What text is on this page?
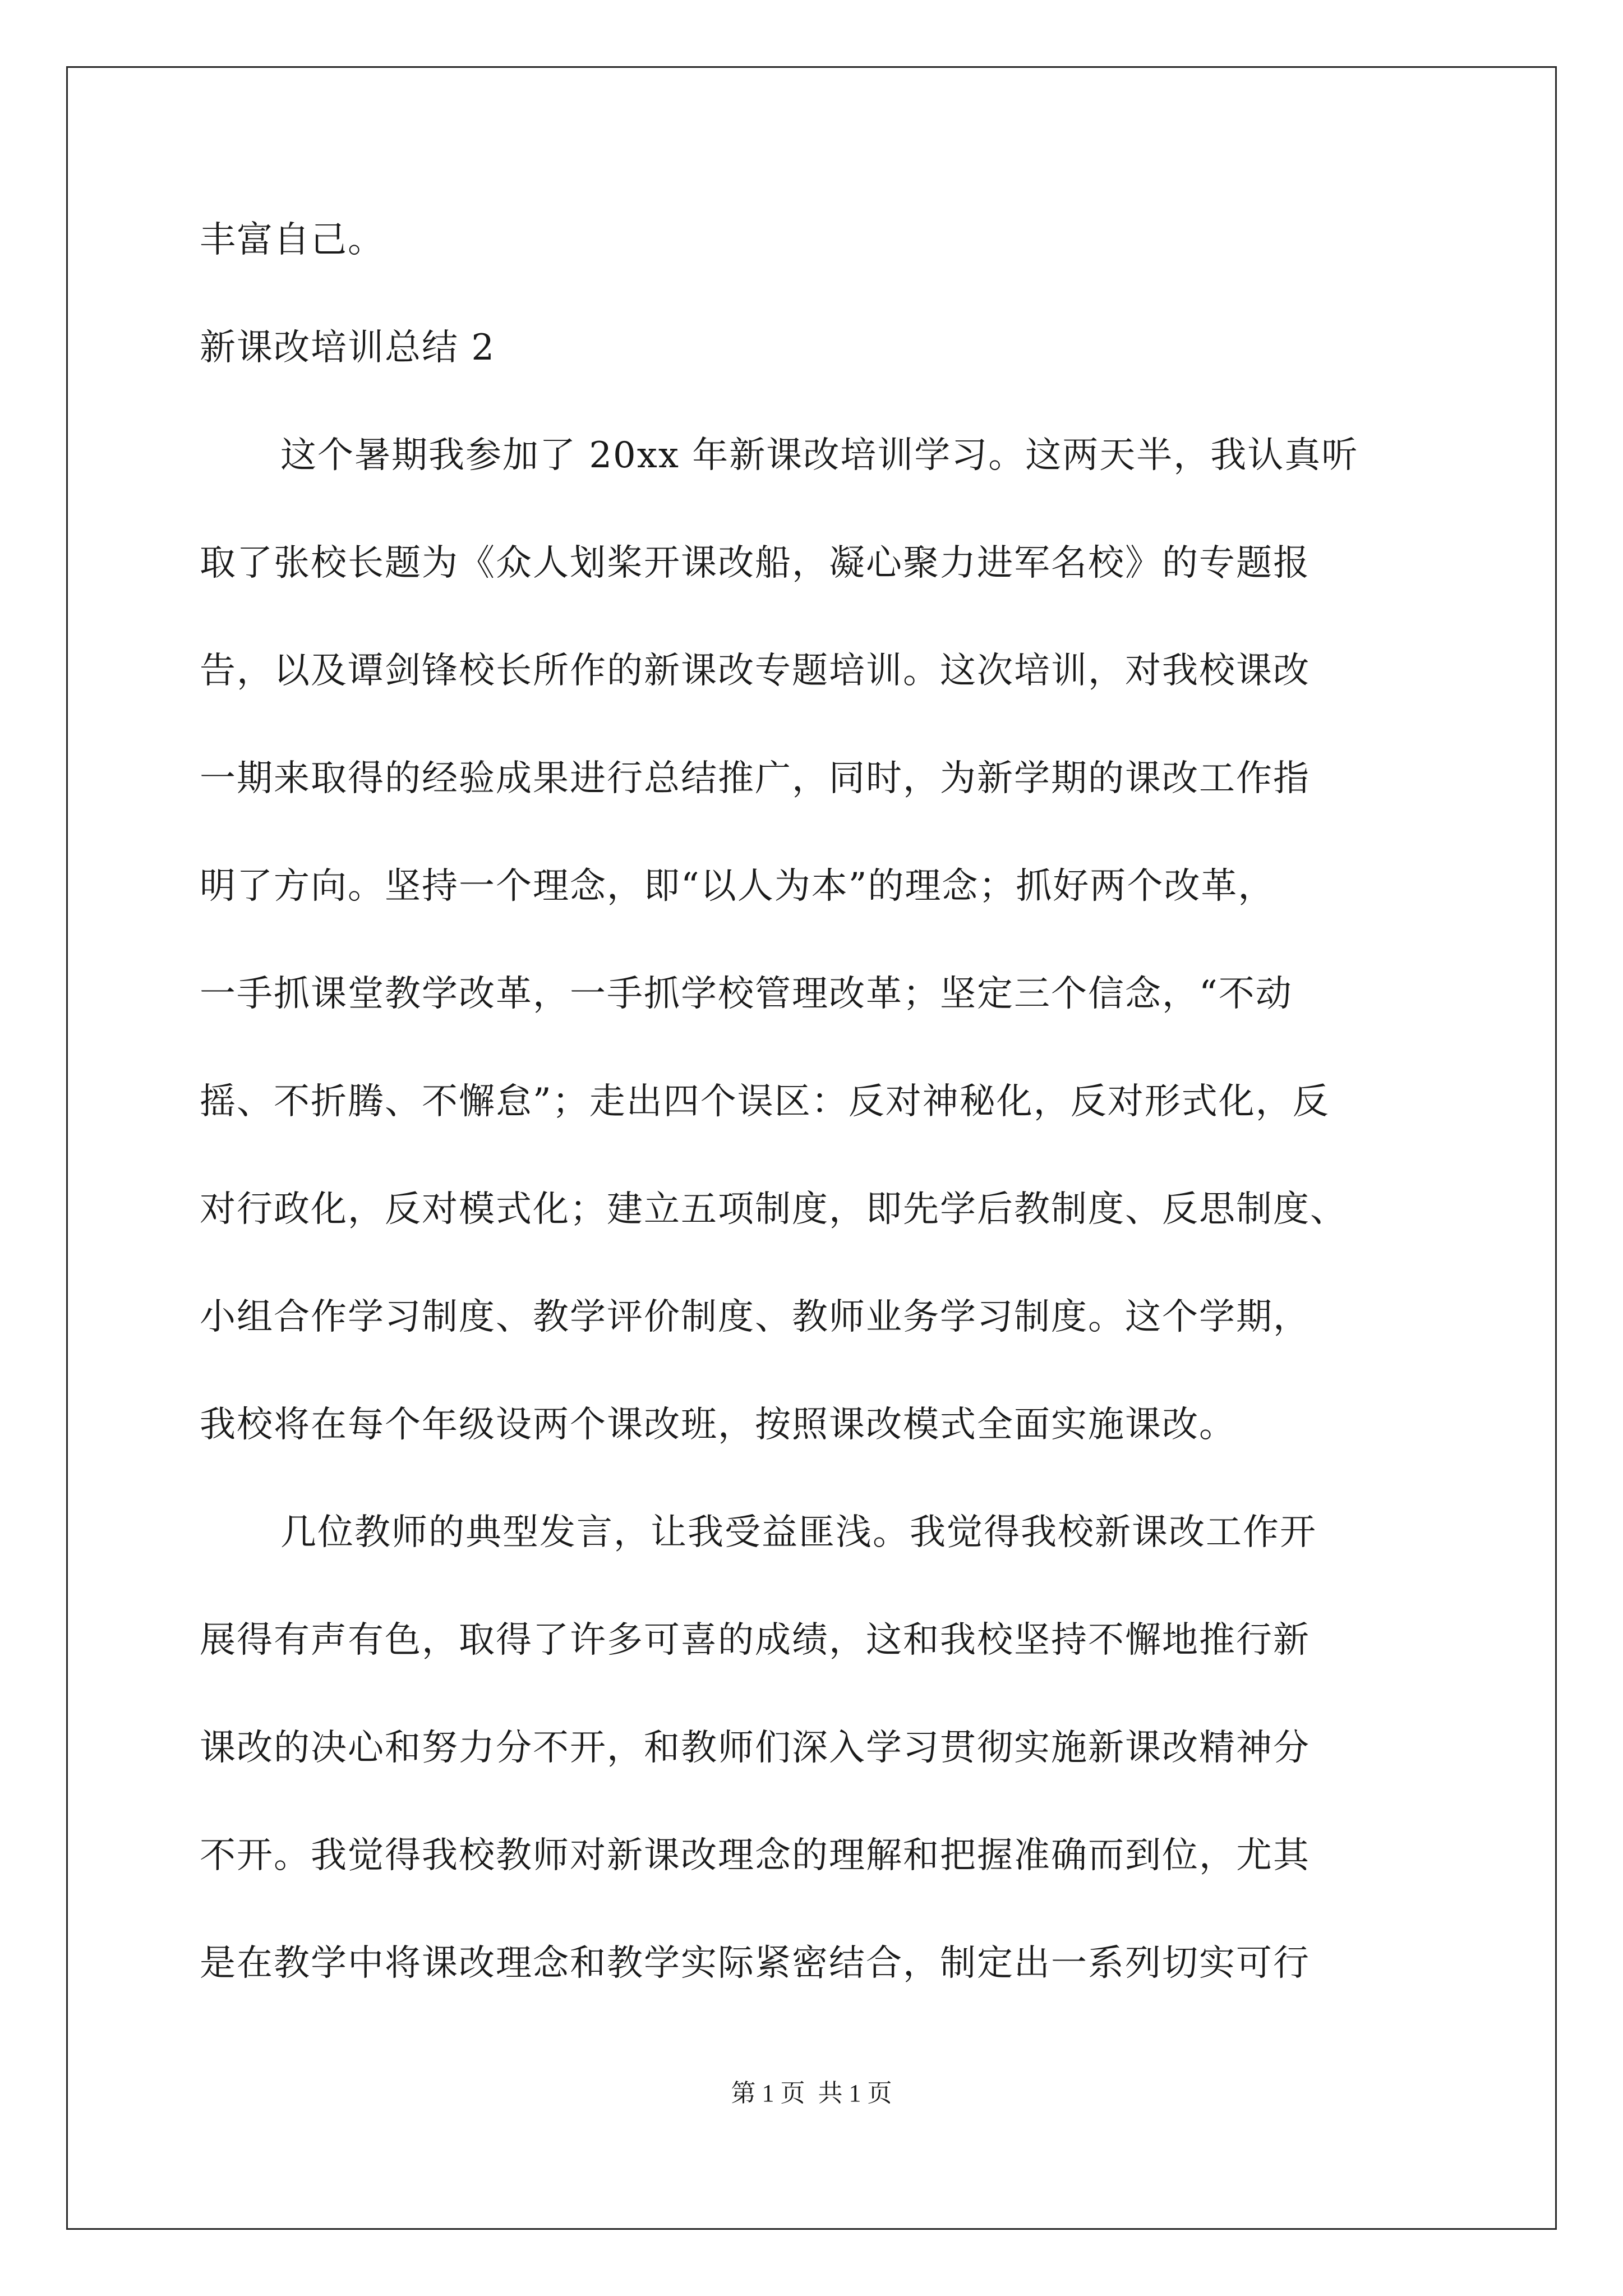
丰富自己。
新课改培训总结 2
这个暑期我参加了 20xx 年新课改培训学习。这两天半，我认真听
取了张校长题为《众人划桨开课改船，凝心聚力进军名校》的专题报
告，以及谭剑锋校长所作的新课改专题培训。这次培训，对我校课改
一期来取得的经验成果进行总结推广，同时，为新学期的课改工作指
明了方向。坚持一个理念，即“以人为本”的理念；抓好两个改革，
一手抓课堂教学改革，一手抓学校管理改革；坚定三个信念，“不动
摇、不折腾、不懈怠”；走出四个误区：反对神秘化，反对形式化，反
对行政化，反对模式化；建立五项制度，即先学后教制度、反思制度、
小组合作学习制度、教学评价制度、教师业务学习制度。这个学期，
我校将在每个年级设两个课改班，按照课改模式全面实施课改。
几位教师的典型发言，让我受益匪浅。我觉得我校新课改工作开
展得有声有色，取得了许多可喜的成绩，这和我校坚持不懈地推行新
课改的决心和努力分不开，和教师们深入学习贯彻实施新课改精神分
不开。我觉得我校教师对新课改理念的理解和把握准确而到位，尤其
是在教学中将课改理念和教学实际紧密结合，制定出一系列切实可行
第 1 页 共 1 页
